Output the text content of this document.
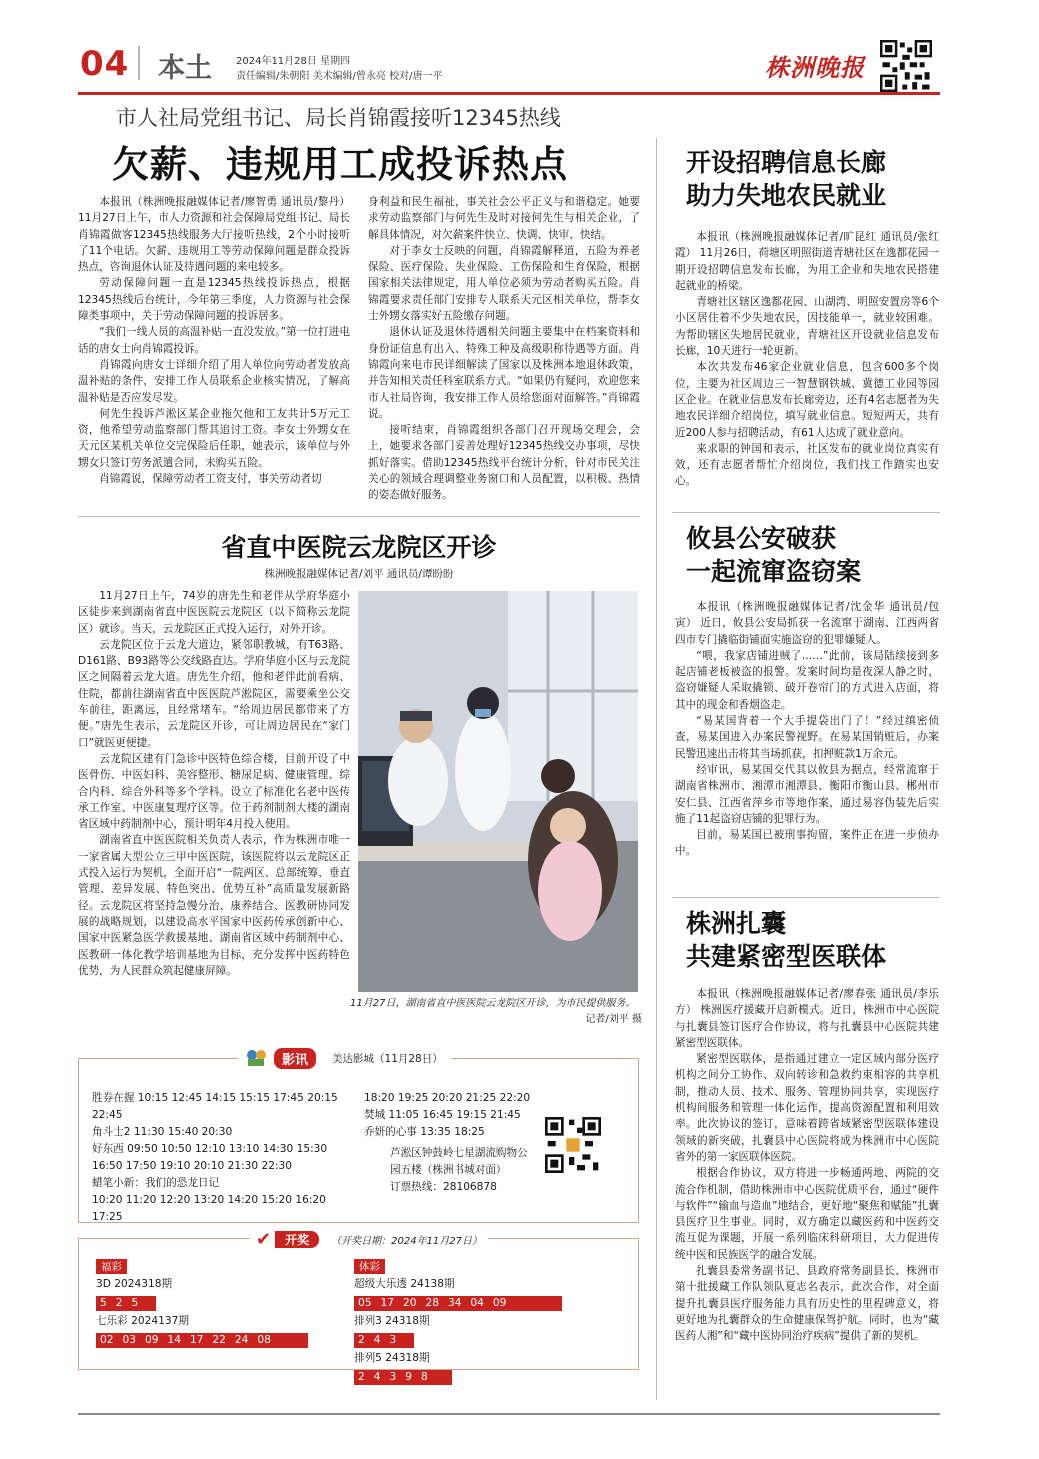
04 本土 2024年11月28日 星期四
责任编辑/朱朝阳 美术编辑/曾永亮 校对/唐一平	株洲晚报
市人社局党组书记、局长肖锦霞接听12345热线
欠薪、违规用工成投诉热点

本报讯（株洲晚报融媒体记者/廖智勇 通讯员/黎丹） 11月27日上午，市人力资源和社会保障局党组书记、局长肖锦霞做客12345热线服务大厅接听热线，2个小时接听了11个电话。欠薪、违规用工等劳动保障问题是群众投诉热点，咨询退休认证及待遇问题的来电较多。

劳动保障问题一直是12345热线投诉热点，根据12345热线后台统计，今年第三季度，人力资源与社会保障类事项中，关于劳动保障问题的投诉居多。

“我们一线人员的高温补贴一直没发放。”第一位打进电话的唐女士向肖锦霞投诉。

肖锦霞向唐女士详细介绍了用人单位向劳动者发放高温补贴的条件，安排工作人员联系企业核实情况，了解高温补贴是否应发尽发。

何先生投诉芦淞区某企业拖欠他和工友共计5万元工资，他希望劳动监察部门帮其追讨工资。李女士外甥女在天元区某机关单位交完保险后任职，她表示，该单位与外甥女只签订劳务派遣合同，未购买五险。

肖锦霞说，保障劳动者工资支付，事关劳动者切

身利益和民生福祉，事关社会公平正义与和谐稳定。她要求劳动监察部门与何先生及时对接何先生与相关企业，了解具体情况，对欠薪案件快立、快调、快审、快结。

对于李女士反映的问题，肖锦霞解释道，五险为养老保险、医疗保险、失业保险、工伤保险和生育保险，根据国家相关法律规定，用人单位必须为劳动者购买五险。肖锦霞要求责任部门安排专人联系天元区相关单位，帮李女士外甥女落实好五险缴存问题。

退休认证及退休待遇相关问题主要集中在档案资料和身份证信息有出入、特殊工种及高级职称待遇等方面。肖锦霞向来电市民详细解读了国家以及株洲本地退休政策，并告知相关责任科室联系方式。“如果仍有疑问，欢迎您来市人社局咨询，我安排工作人员给您面对面解答。”肖锦霞说。

接听结束，肖锦霞组织各部门召开现场交理会，会上，她要求各部门妥善处理好12345热线交办事项，尽快抓好落实。借助12345热线平台统计分析，针对市民关注关心的领域合理调整业务窗口和人员配置，以积极、热情的姿态做好服务。

省直中医院云龙院区开诊
株洲晚报融媒体记者/刘平 通讯员/谭盼盼

11月27日上午，74岁的唐先生和老伴从学府华庭小区徒步来到湖南省直中医医院云龙院区（以下简称云龙院区）就诊。当天，云龙院区正式投入运行，对外开诊。

云龙院区位于云龙大道边，紧邻职教城，有T63路、D161路、B93路等公交线路直达。学府华庭小区与云龙院区之间隔着云龙大道。唐先生介绍，他和老伴此前看病、住院，都前往湖南省直中医医院芦淞院区，需要乘坐公交车前往，距离远，且经常堵车。“给周边居民都带来了方便。”唐先生表示，云龙院区开诊，可让周边居民在“家门口”就医更便捷。

云龙院区建有门急诊中医特色综合楼，目前开设了中医骨伤、中医妇科、美容整形、糖尿足病、健康管理、综合内科、综合外科等多个学科。设立了标准化名老中医传承工作室、中医康复理疗区等。位于药剂制剂大楼的湖南省区域中药制剂中心，预计明年4月投入使用。

湖南省直中医医院相关负责人表示，作为株洲市唯一一家省属大型公立三甲中医医院，该医院将以云龙院区正式投入运行为契机，全面开启“一院两区、总部统筹、垂直管理、差异发展、特色突出、优势互补”高质量发展新路径。云龙院区将坚持急慢分治、康养结合、医教研协同发展的战略规划，以建设高水平国家中医药传承创新中心、国家中医紧急医学救援基地、湖南省区域中药制剂中心、医教研一体化教学培训基地为目标，充分发挥中医药特色优势，为人民群众筑起健康屏障。

11月27日，湖南省直中医医院云龙院区开诊，为市民提供服务。
记者/刘平 摄
开设招聘信息长廊
助力失地农民就业

本报讯（株洲晚报融媒体记者/旷昆红 通讯员/张红霞） 11月26日，荷塘区明照街道青塘社区在逸都花园一期开设招聘信息发布长廊，为用工企业和失地农民搭建起就业的桥梁。

青塘社区辖区逸都花园、山湖湾、明照安置房等6个小区居住着不少失地农民，因技能单一，就业较困难。为帮助辖区失地居民就业，青塘社区开设就业信息发布长廊，10天进行一轮更新。

本次共发布46家企业就业信息，包含600多个岗位，主要为社区周边三一智慧钢铁城、冀德工业园等园区企业。在就业信息发布长廊旁边，还有4名志愿者为失地农民详细介绍岗位，填写就业信息。短短两天，共有近200人参与招聘活动，有61人达成了就业意向。

来求职的钟国和表示，社区发布的就业岗位真实有效，还有志愿者帮忙介绍岗位，我们找工作踏实也安心。

攸县公安破获
一起流窜盗窃案

本报讯（株洲晚报融媒体记者/沈金华 通讯员/包寅） 近日，攸县公安局抓获一名流窜于湖南、江西两省四市专门撬临街铺面实施盗窃的犯罪嫌疑人。

“喂，我家店铺进贼了……”此前，该局陆续接到多起店铺老板被盗的报警。发案时间均是夜深人静之时，盗窃嫌疑人采取撬锁、破开卷帘门的方式进入店面，将其中的现金和香烟盗走。

“易某国背着一个大手提袋出门了！”经过缜密侦查，易某国进入办案民警视野。在易某国销赃后，办案民警迅速出击将其当场抓获，扣押赃款1万余元。

经审讯，易某国交代其以攸县为据点，经常流窜于湖南省株洲市、湘潭市湘潭县、衡阳市衡山县、郴州市安仁县、江西省萍乡市等地作案，通过易容伪装先后实施了11起盗窃店铺的犯罪行为。

目前，易某国已被刑事拘留，案件正在进一步侦办中。

株洲扎囊
共建紧密型医联体

本报讯（株洲晚报融媒体记者/廖春张 通讯员/李乐方） 株洲医疗援藏开启新模式。近日，株洲市中心医院与扎囊县签订医疗合作协议，将与扎囊县中心医院共建紧密型医联体。

紧密型医联体，是指通过建立一定区域内部分医疗机构之间分工协作、双向转诊和急救约束相容的共享机制，推动人员、技术、服务、管理协同共享，实现医疗机构间服务和管理一体化运作，提高资源配置和利用效率。此次协议的签订，意味着跨省域紧密型医联体建设领域的新突破，扎囊县中心医院将成为株洲市中心医院省外的第一家医联体医院。

根据合作协议，双方将进一步畅通两地、两院的交流合作机制，借助株洲市中心医院优质平台，通过“硬件与软件”“输血与造血”地结合，更好地“聚焦和赋能”扎囊县医疗卫生事业。同时，双方确定以藏医药和中医药交流互促为课题，开展一系列临床科研项目，大力促进传统中医和民族医学的融合发展。

扎囊县委常务副书记、县政府常务副县长、株洲市第十批援藏工作队领队夏志名表示，此次合作，对全面提升扎囊县医疗服务能力具有历史性的里程碑意义，将更好地为扎囊群众的生命健康保驾护航。同时，也为“藏医药人湘”和“藏中医协同治疗疾病”提供了新的契机。

影讯	美达影城（11月28日）
胜券在握 10:15 12:45 14:15 15:15 17:45 20:15
22:45
角斗士2 11:30 15:40 20:30
好东西 09:50 10:50 12:10 13:10 14:30 15:30
16:50 17:50 19:10 20:10 21:30 22:30
蜡笔小新：我们的恐龙日记
10:20 11:20 12:20 13:20 14:20 15:20 16:20 17:25
18:20 19:25 20:20 21:25 22:20
焚城 11:05 16:45 19:15 21:45
乔妍的心事 13:35 18:25
芦淞区钟鼓岭七星湖流购物公园五楼（株洲书城对面）
订票热线：28106878
✔	开奖	（开奖日期：2024年11月27日）
福彩
3D 2024318期
5 2 5
七乐彩 2024137期
02 03 09 14 17 22 24 08
体彩
超级大乐透 24138期
05 17 20 28 34 04 09
排列3 24318期
2 4 3
排列5 24318期
2 4 3 9 8
